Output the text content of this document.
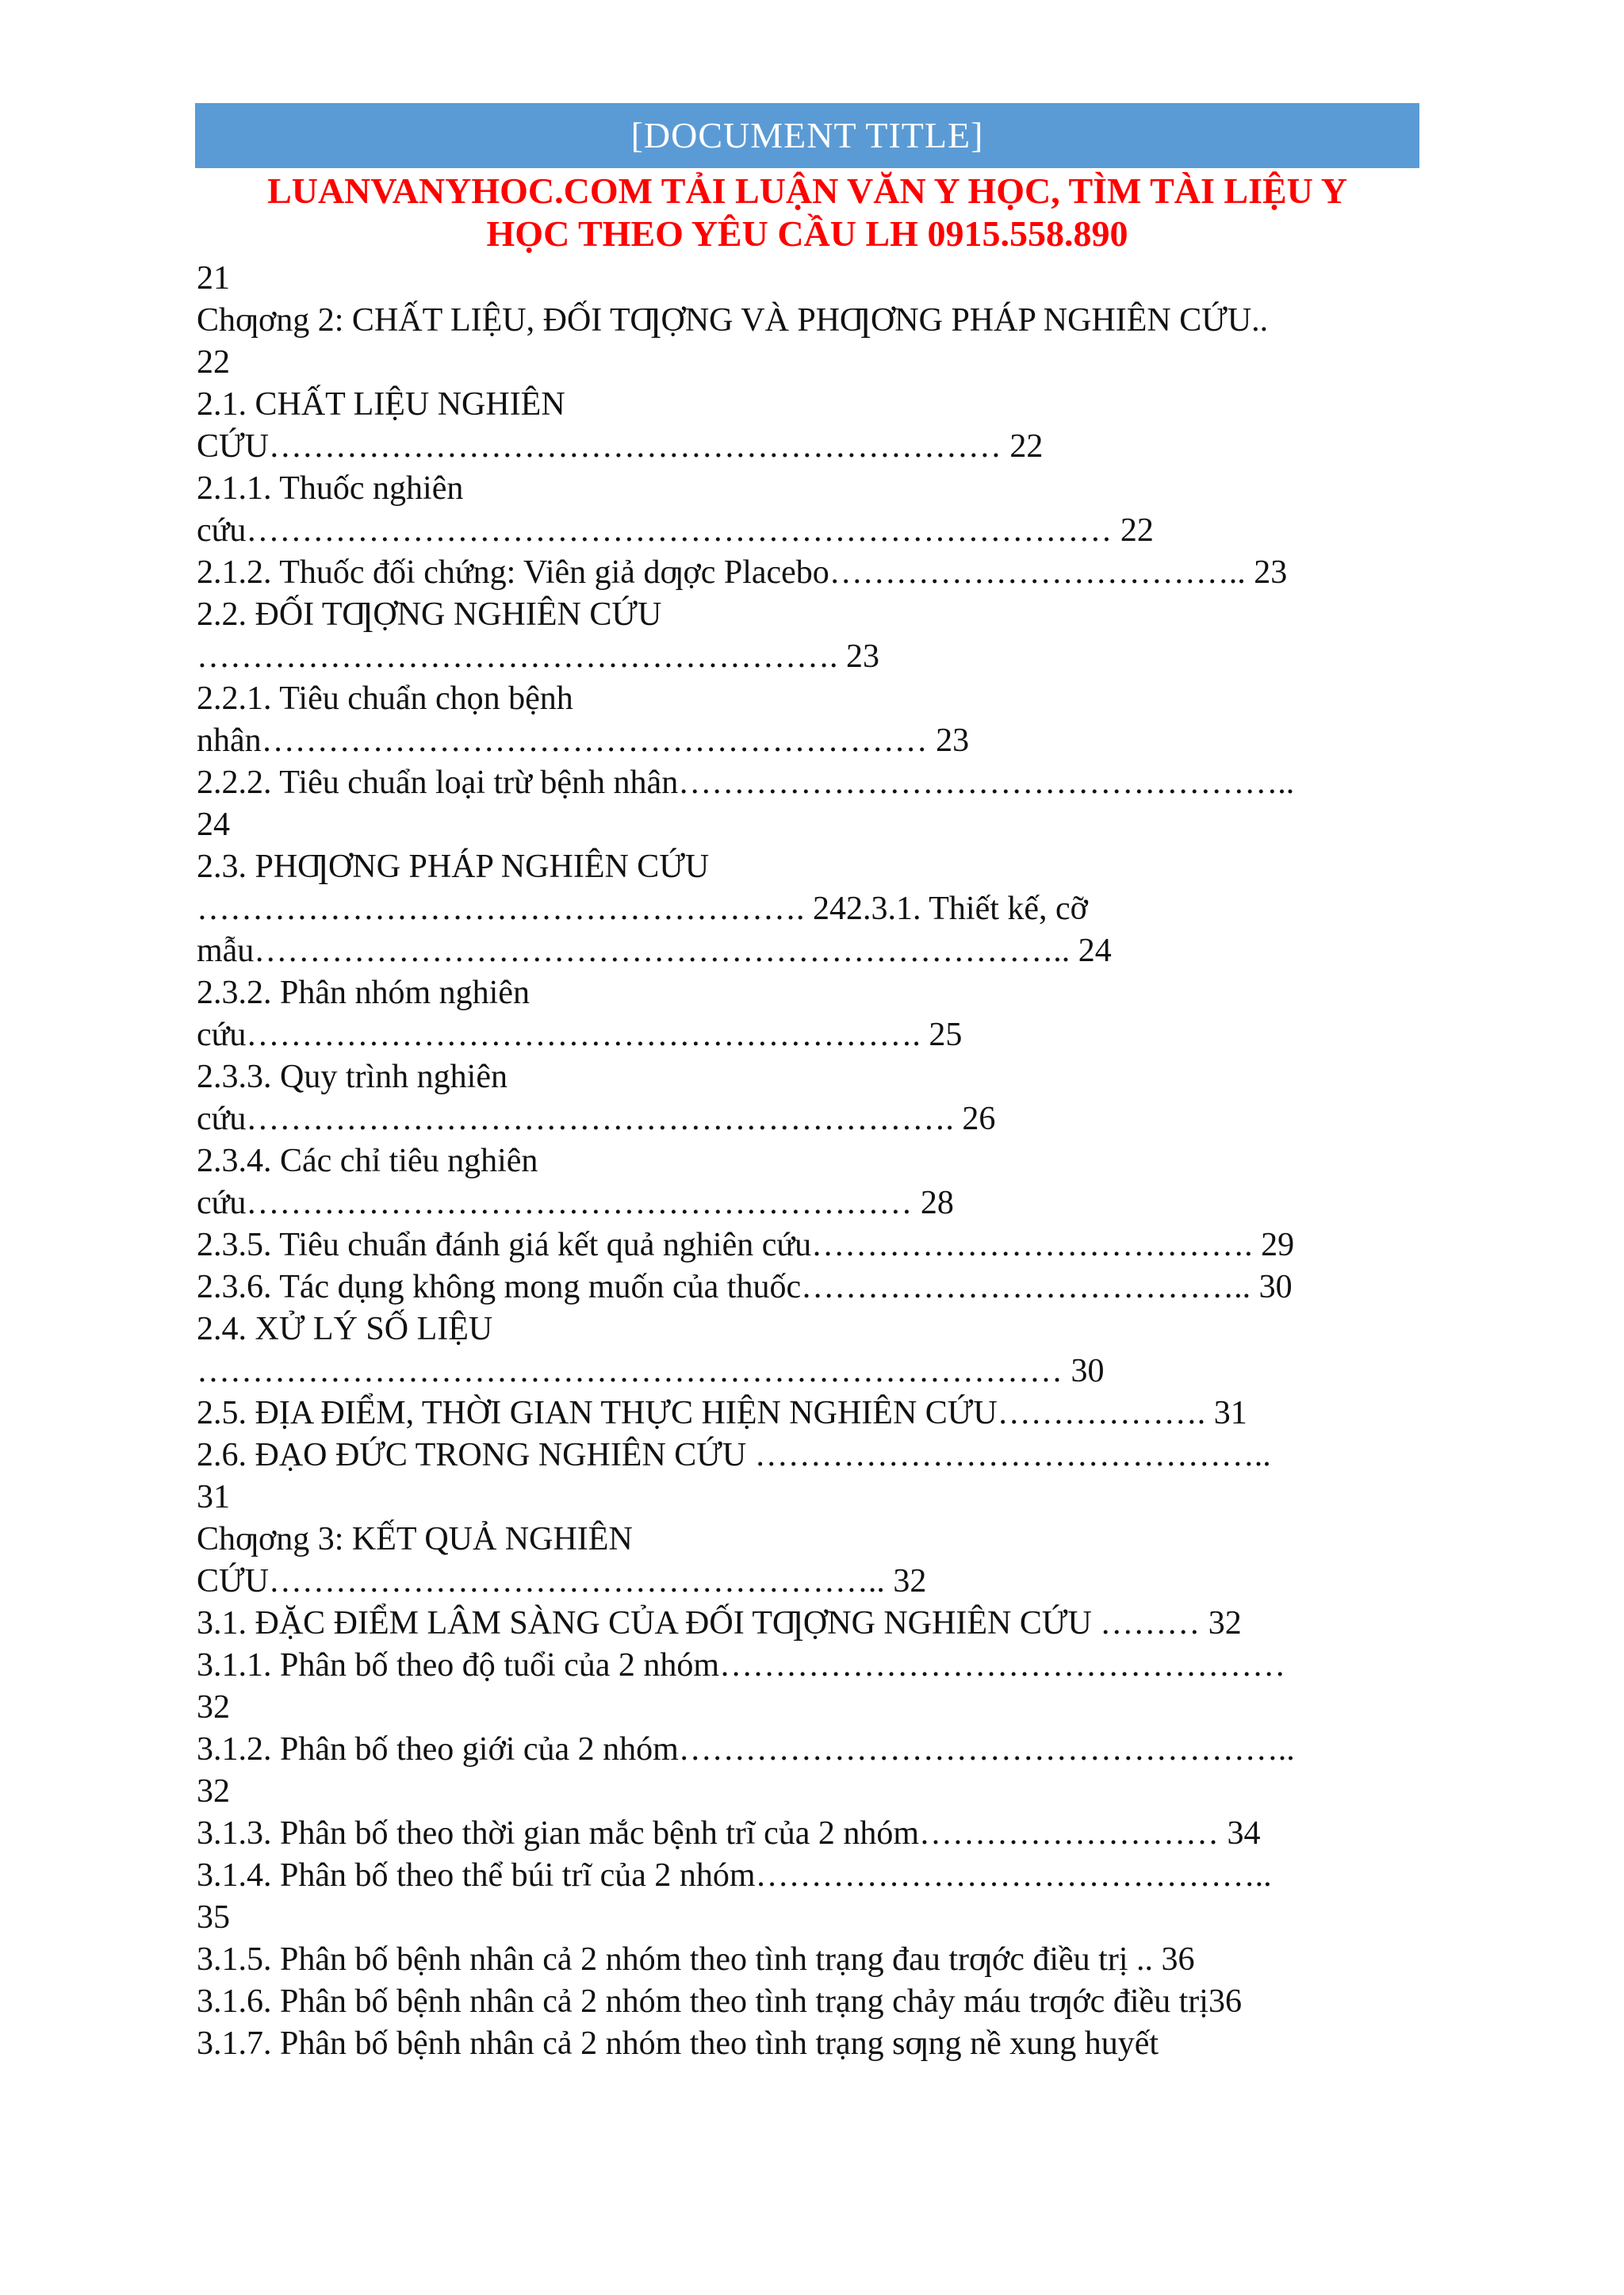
[DOCUMENT TITLE]
LUANVANYHOC.COM TẢI LUẬN VĂN Y HỌC, TÌM TÀI LIỆU Y
HỌC THEO YÊU CẦU LH 0915.558.890
21
Chƣơng 2: CHẤT LIỆU, ĐỐI TƢỢNG VÀ PHƢƠNG PHÁP NGHIÊN CỨU..
22
2.1. CHẤT LIỆU NGHIÊN
CỨU………………………………………………………… 22
2.1.1. Thuốc nghiên
cứu…………………………………………………………………… 22
2.1.2. Thuốc đối chứng: Viên giả dƣợc Placebo……………………………….. 23
2.2. ĐỐI TƢỢNG NGHIÊN CỨU
…………………………………………………. 23
2.2.1. Tiêu chuẩn chọn bệnh
nhân…………………………………………………… 23
2.2.2. Tiêu chuẩn loại trừ bệnh nhân………………………………………………..
24
2.3. PHƢƠNG PHÁP NGHIÊN CỨU
………………………………………………. 242.3.1. Thiết kế, cỡ
mẫu……………………………………………………………….. 24
2.3.2. Phân nhóm nghiên
cứu……………………………………………………. 25
2.3.3. Quy trình nghiên
cứu………………………………………………………. 26
2.3.4. Các chỉ tiêu nghiên
cứu…………………………………………………… 28
2.3.5. Tiêu chuẩn đánh giá kết quả nghiên cứu…………………………………. 29
2.3.6. Tác dụng không mong muốn của thuốc………………………………….. 30
2.4. XỬ LÝ SỐ LIỆU
…………………………………………………………………… 30
2.5. ĐỊA ĐIỂM, THỜI GIAN THỰC HIỆN NGHIÊN CỨU………………. 31
2.6. ĐẠO ĐỨC TRONG NGHIÊN CỨU ………………………………………..
31
Chƣơng 3: KẾT QUẢ NGHIÊN
CỨU……………………………………………….. 32
3.1. ĐẶC ĐIỂM LÂM SÀNG CỦA ĐỐI TƢỢNG NGHIÊN CỨU ……… 32
3.1.1. Phân bố theo độ tuổi của 2 nhóm……………………………………………
32
3.1.2. Phân bố theo giới của 2 nhóm………………………………………………..
32
3.1.3. Phân bố theo thời gian mắc bệnh trĩ của 2 nhóm……………………… 34
3.1.4. Phân bố theo thể búi trĩ của 2 nhóm………………………………………..
35
3.1.5. Phân bố bệnh nhân cả 2 nhóm theo tình trạng đau trƣớc điều trị .. 36
3.1.6. Phân bố bệnh nhân cả 2 nhóm theo tình trạng chảy máu trƣớc điều trị36
3.1.7. Phân bố bệnh nhân cả 2 nhóm theo tình trạng sƣng nề xung huyết
